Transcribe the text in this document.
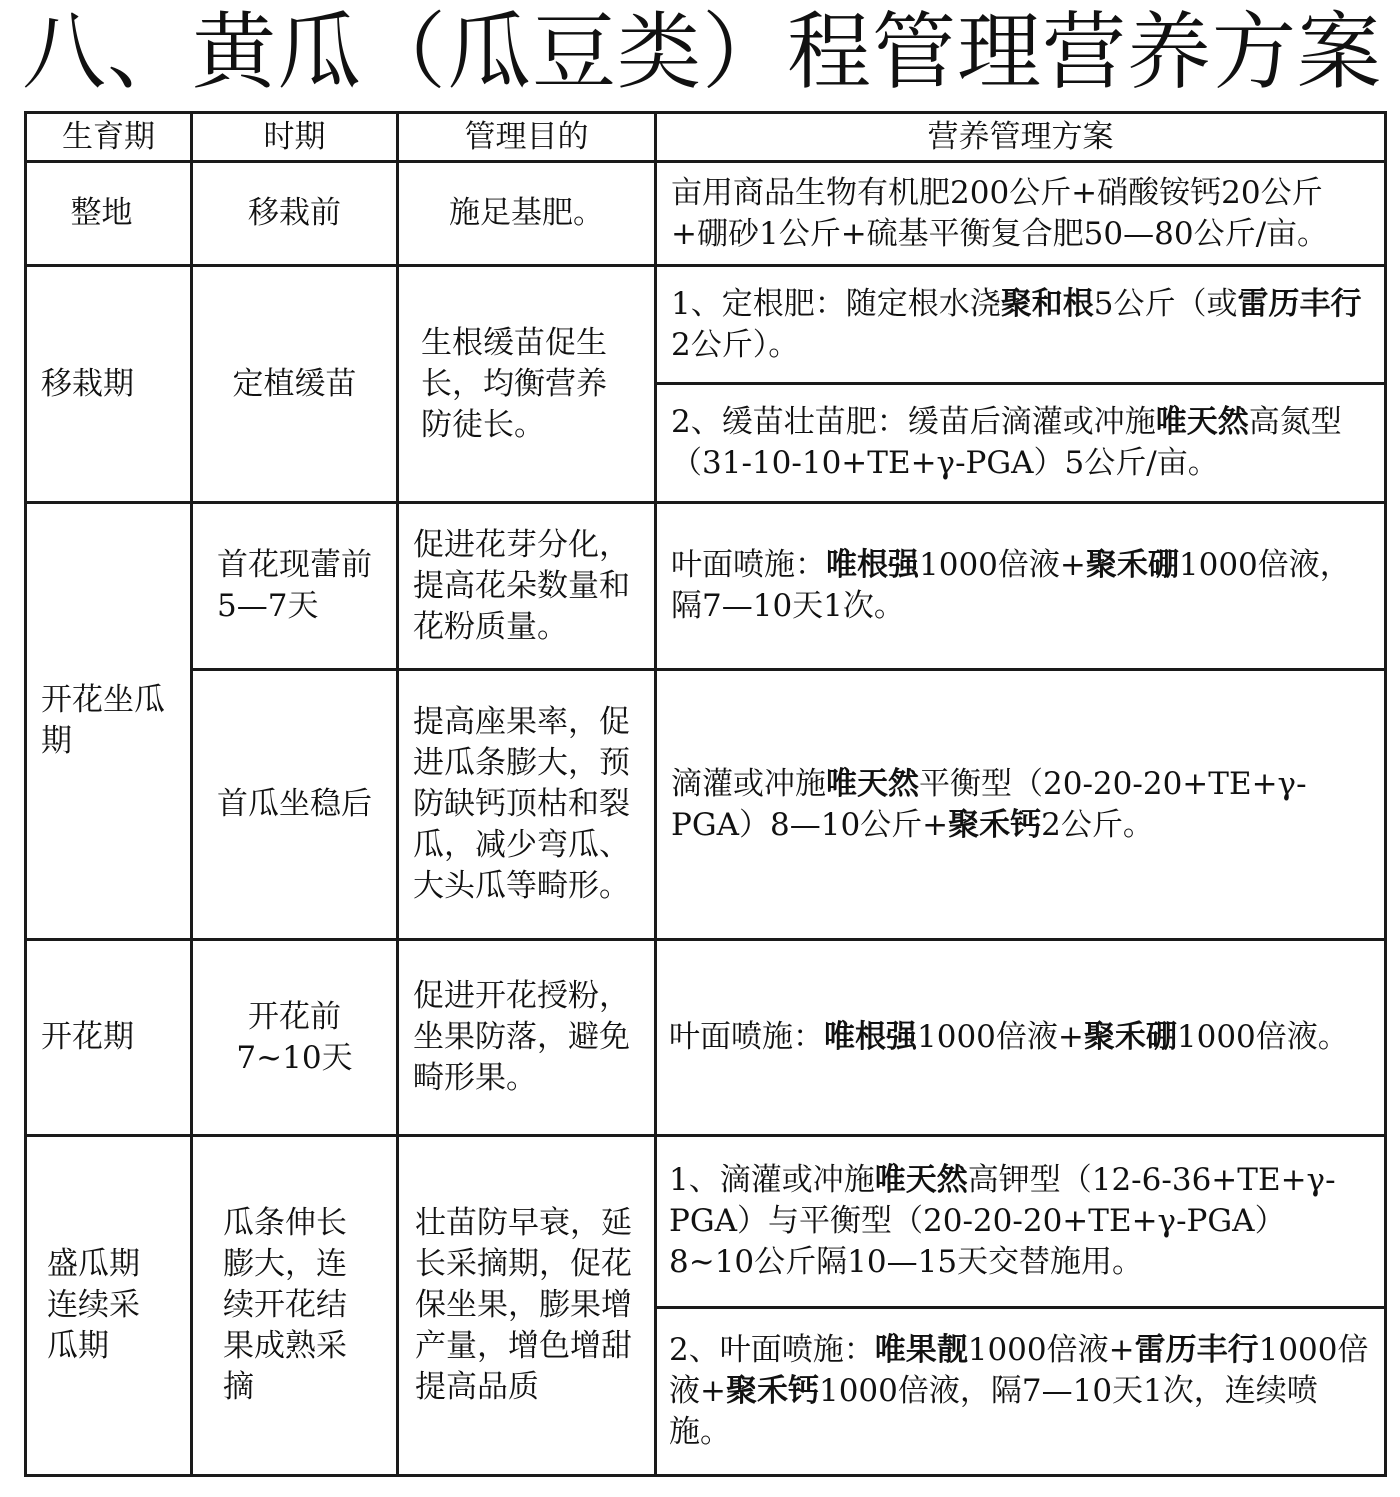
八、黄瓜（瓜豆类）程管理营养方案
生育期	时期	管理目的	营养管理方案
整地	移栽前	施足基肥。	亩用商品生物有机肥200公斤+硝酸铵钙20公斤+硼砂1公斤+硫基平衡复合肥50—80公斤/亩。
移栽期	定植缓苗	生根缓苗促生长，均衡营养防徒长。	1、定根肥：随定根水浇聚和根5公斤（或雷历丰行2公斤）。
			2、缓苗壮苗肥：缓苗后滴灌或冲施唯天然高氮型（31-10-10+TE+γ-PGA）5公斤/亩。
开花坐瓜期	首花现蕾前5—7天	促进花芽分化，提高花朵数量和花粉质量。	叶面喷施：唯根强1000倍液+聚禾硼1000倍液，隔7—10天1次。
	首瓜坐稳后	提高座果率，促进瓜条膨大，预防缺钙顶枯和裂瓜，减少弯瓜、大头瓜等畸形。	滴灌或冲施唯天然平衡型（20-20-20+TE+γ-PGA）8—10公斤+聚禾钙2公斤。
开花期	开花前7~10天	促进开花授粉，坐果防落，避免畸形果。	叶面喷施：唯根强1000倍液+聚禾硼1000倍液。
盛瓜期连续采瓜期	瓜条伸长膨大，连续开花结果成熟采摘	壮苗防早衰，延长采摘期，促花保坐果，膨果增产量，增色增甜提高品质	1、滴灌或冲施唯天然高钾型（12-6-36+TE+γ-PGA）与平衡型（20-20-20+TE+γ-PGA）8~10公斤隔10—15天交替施用。
			2、叶面喷施：唯果靓1000倍液+雷历丰行1000倍液+聚禾钙1000倍液，隔7—10天1次，连续喷施。
